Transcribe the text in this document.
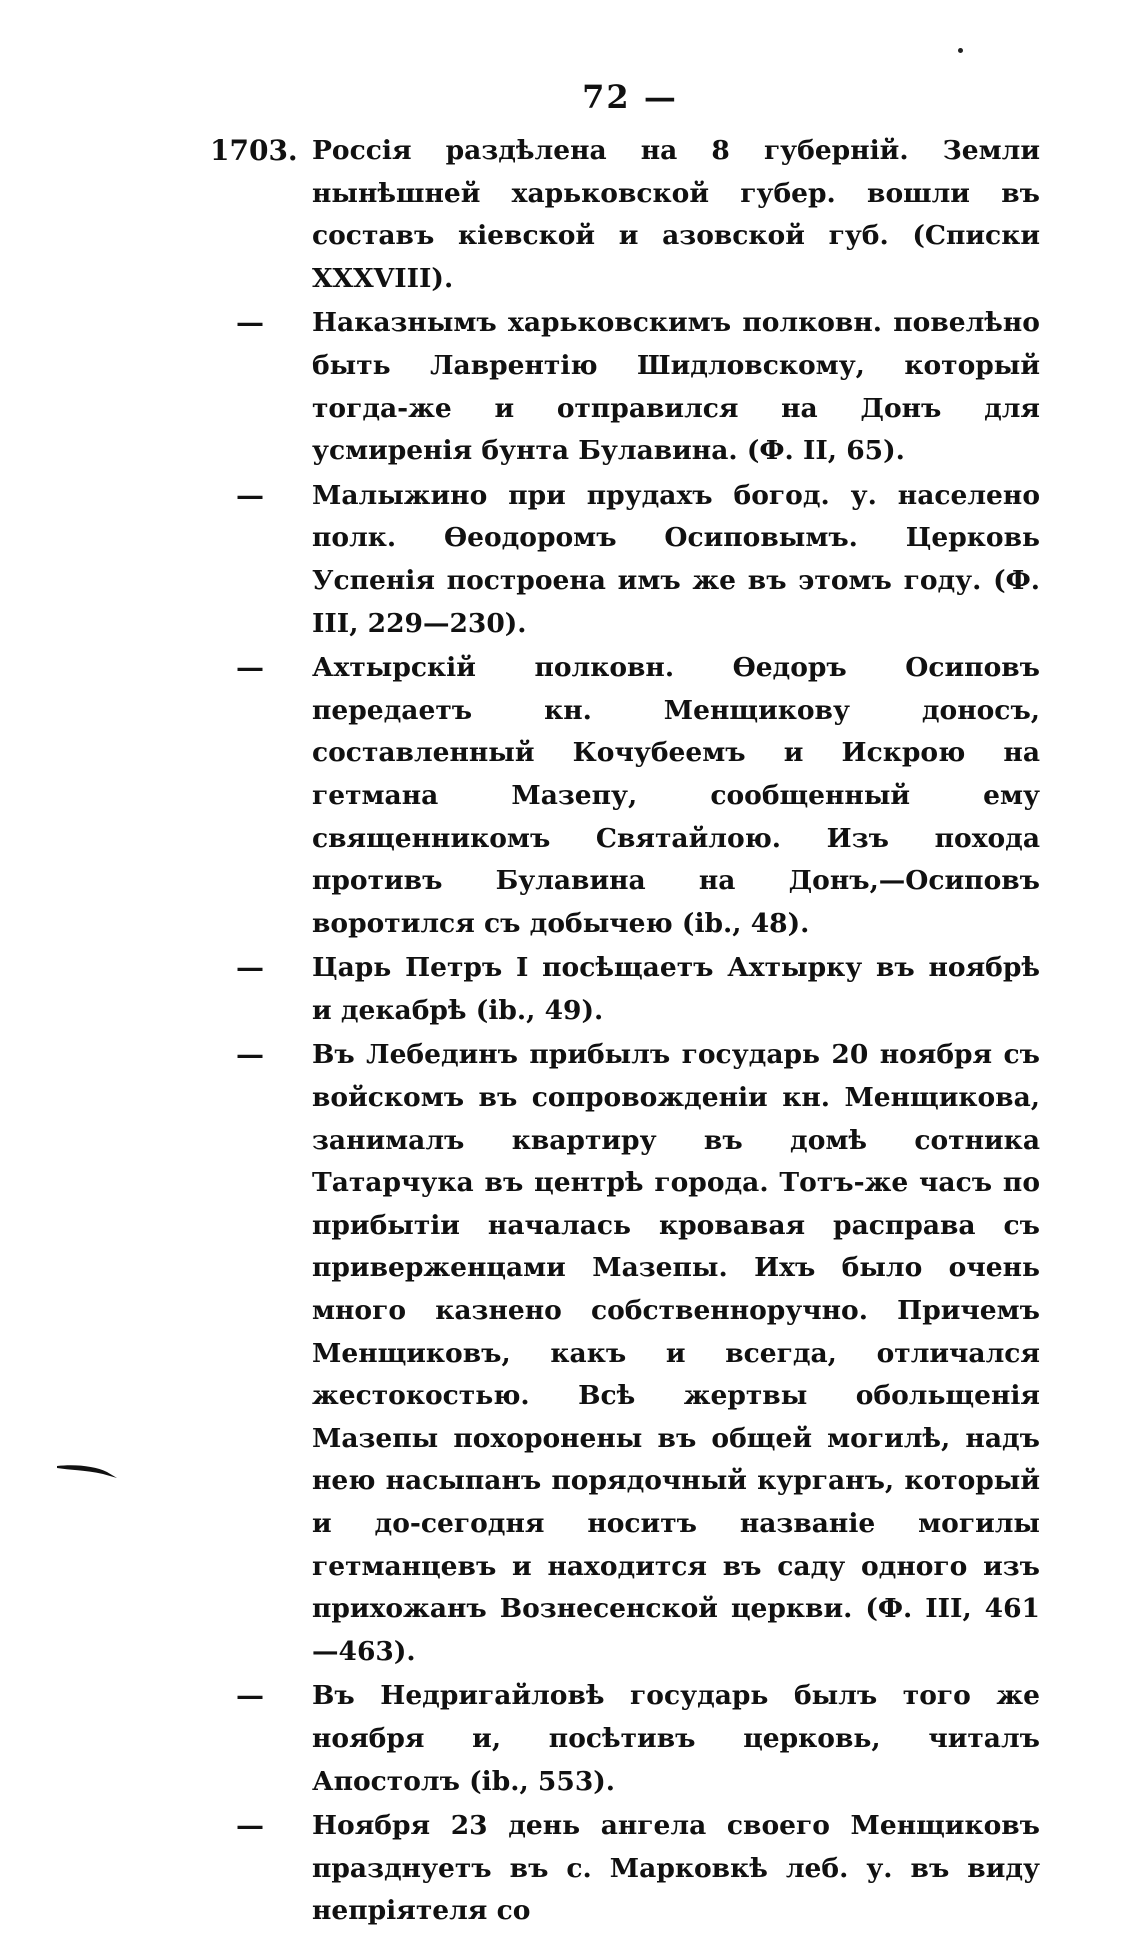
72 —
1703. Россія раздѣлена на 8 губерній. Земли нынѣшней харьковской губер. вошли въ составъ кіевской и азовской губ. (Списки XXXVIII).
—	Наказнымъ харьковскимъ полковн. повелѣно быть Лаврентію Шидловскому, который тогда-же и отправился на Донъ для усмиренія бунта Булавина. (Ф. II, 65).
—	Малыжино при прудахъ богод. у. населено полк. Ѳеодоромъ Осиповымъ. Церковь Успенія построена имъ же въ этомъ году. (Ф. III, 229—230).
—	Ахтырскій полковн. Ѳедоръ Осиповъ передаетъ кн. Менщикову доносъ, составленный Кочубеемъ и Искрою на гетмана Мазепу, сообщенный ему священникомъ Святайлою. Изъ похода противъ Булавина на Донъ,—Осиповъ воротился съ добычею (ib., 48).
—	Царь Петръ I посѣщаетъ Ахтырку въ ноябрѣ и декабрѣ (ib., 49).
—	Въ Лебединъ прибылъ государь 20 ноября съ войскомъ въ сопровожденіи кн. Менщикова, занималъ квартиру въ домѣ сотника Татарчука въ центрѣ города. Тотъ-же часъ по прибытіи началась кровавая расправа съ приверженцами Мазепы. Ихъ было очень много казнено собственноручно. Причемъ Менщиковъ, какъ и всегда, отличался жестокостью. Всѣ жертвы обольщенія Мазепы похоронены въ общей могилѣ, надъ нею насыпанъ порядочный курганъ, который и до-сегодня носитъ названіе могилы гетманцевъ и находится въ саду одного изъ прихожанъ Вознесенской церкви. (Ф. III, 461—463).
—	Въ Недригайловѣ государь былъ того же ноября и, посѣтивъ церковь, читалъ Апостолъ (ib., 553).
—	Ноября 23 день ангела своего Менщиковъ празднуетъ въ с. Марковкѣ леб. у. въ виду непріятеля со
